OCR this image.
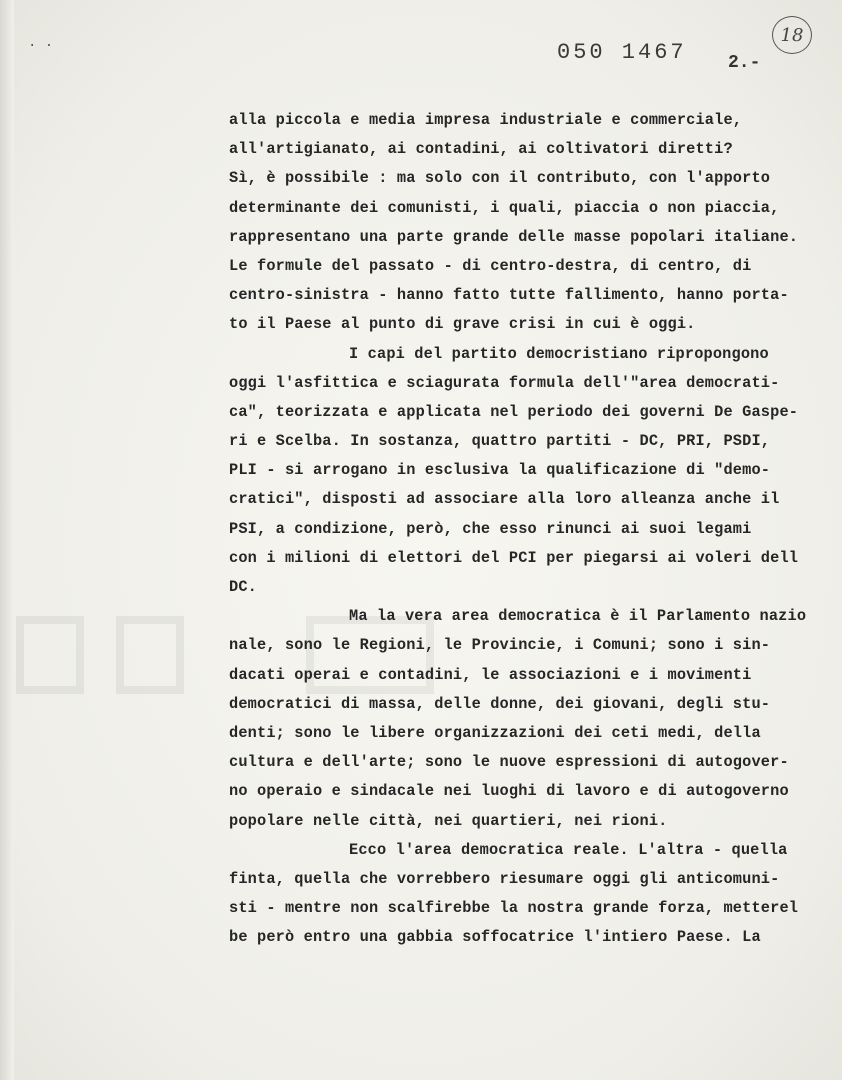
. .	050 1467 2.-
18
alla piccola e media impresa industriale e commerciale,
all'artigianato, ai contadini, ai coltivatori diretti?
Sì, è possibile : ma solo con il contributo, con l'apporto
determinante dei comunisti, i quali, piaccia o non piaccia,
rappresentano una parte grande delle masse popolari italiane.
Le formule del passato - di centro-destra, di centro, di
centro-sinistra - hanno fatto tutte fallimento, hanno porta-
to il Paese al punto di grave crisi in cui è oggi.
I capi del partito democristiano ripropongono
oggi l'asfittica e sciagurata formula dell'"area democrati-
ca", teorizzata e applicata nel periodo dei governi De Gaspe-
ri e Scelba. In sostanza, quattro partiti - DC, PRI, PSDI,
PLI - si arrogano in esclusiva la qualificazione di "demo-
cratici", disposti ad associare alla loro alleanza anche il
PSI, a condizione, però, che esso rinunci ai suoi legami
con i milioni di elettori del PCI per piegarsi ai voleri dell
DC.
Ma la vera area democratica è il Parlamento nazio
nale, sono le Regioni, le Provincie, i Comuni; sono i sin-
dacati operai e contadini, le associazioni e i movimenti
democratici di massa, delle donne, dei giovani, degli stu-
denti; sono le libere organizzazioni dei ceti medi, della
cultura e dell'arte; sono le nuove espressioni di autogover-
no operaio e sindacale nei luoghi di lavoro e di autogoverno
popolare nelle città, nei quartieri, nei rioni.
Ecco l'area democratica reale. L'altra - quella
finta, quella che vorrebbero riesumare oggi gli anticomuni-
sti - mentre non scalfirebbe la nostra grande forza, metterel
be però entro una gabbia soffocatrice l'intiero Paese. La
